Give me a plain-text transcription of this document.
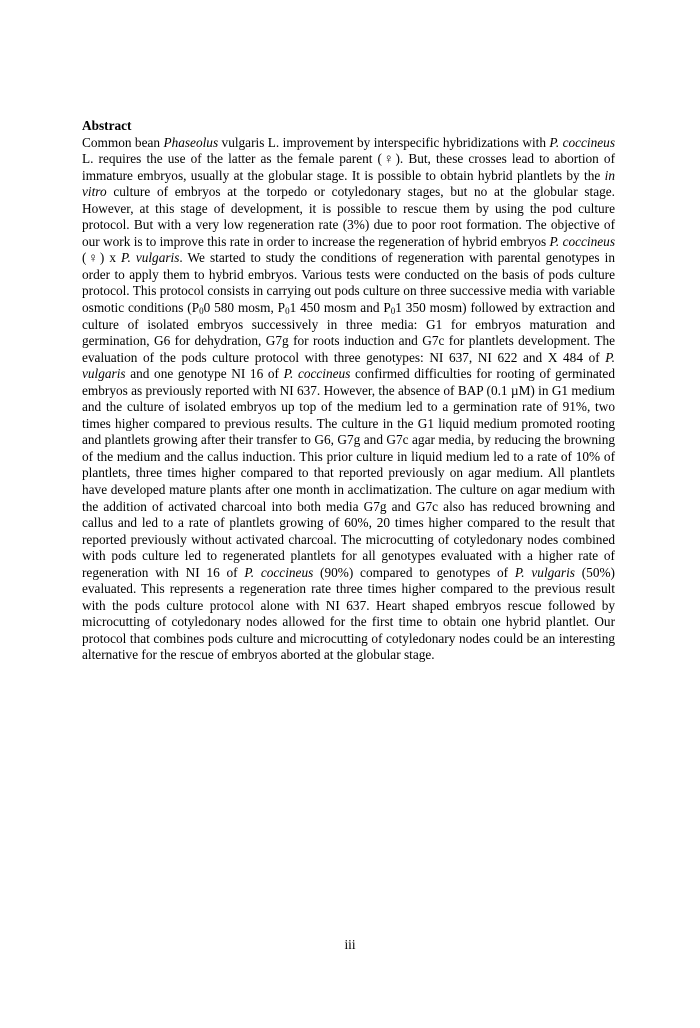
Abstract

Common bean Phaseolus vulgaris L. improvement by interspecific hybridizations with P. coccineus L. requires the use of the latter as the female parent (♀). But, these crosses lead to abortion of immature embryos, usually at the globular stage. It is possible to obtain hybrid plantlets by the in vitro culture of embryos at the torpedo or cotyledonary stages, but no at the globular stage. However, at this stage of development, it is possible to rescue them by using the pod culture protocol. But with a very low regeneration rate (3%) due to poor root formation. The objective of our work is to improve this rate in order to increase the regeneration of hybrid embryos P. coccineus (♀) x P. vulgaris. We started to study the conditions of regeneration with parental genotypes in order to apply them to hybrid embryos. Various tests were conducted on the basis of pods culture protocol. This protocol consists in carrying out pods culture on three successive media with variable osmotic conditions ($P_00$ 580 mosm, $P_01$ 450 mosm and $P_01$ 350 mosm) followed by extraction and culture of isolated embryos successively in three media: G1 for embryos maturation and germination, G6 for dehydration, G7g for roots induction and G7c for plantlets development. The evaluation of the pods culture protocol with three genotypes: NI 637, NI 622 and X 484 of P. vulgaris and one genotype NI 16 of P. coccineus confirmed difficulties for rooting of germinated embryos as previously reported with NI 637. However, the absence of BAP (0.1 µM) in G1 medium and the culture of isolated embryos up top of the medium led to a germination rate of 91%, two times higher compared to previous results. The culture in the G1 liquid medium promoted rooting and plantlets growing after their transfer to G6, G7g and G7c agar media, by reducing the browning of the medium and the callus induction. This prior culture in liquid medium led to a rate of 10% of plantlets, three times higher compared to that reported previously on agar medium. All plantlets have developed mature plants after one month in acclimatization. The culture on agar medium with the addition of activated charcoal into both media G7g and G7c also has reduced browning and callus and led to a rate of plantlets growing of 60%, 20 times higher compared to the result that reported previously without activated charcoal. The microcutting of cotyledonary nodes combined with pods culture led to regenerated plantlets for all genotypes evaluated with a higher rate of regeneration with NI 16 of P. coccineus (90%) compared to genotypes of P. vulgaris (50%) evaluated. This represents a regeneration rate three times higher compared to the previous result with the pods culture protocol alone with NI 637. Heart shaped embryos rescue followed by microcutting of cotyledonary nodes allowed for the first time to obtain one hybrid plantlet. Our protocol that combines pods culture and microcutting of cotyledonary nodes could be an interesting alternative for the rescue of embryos aborted at the globular stage.

iii
